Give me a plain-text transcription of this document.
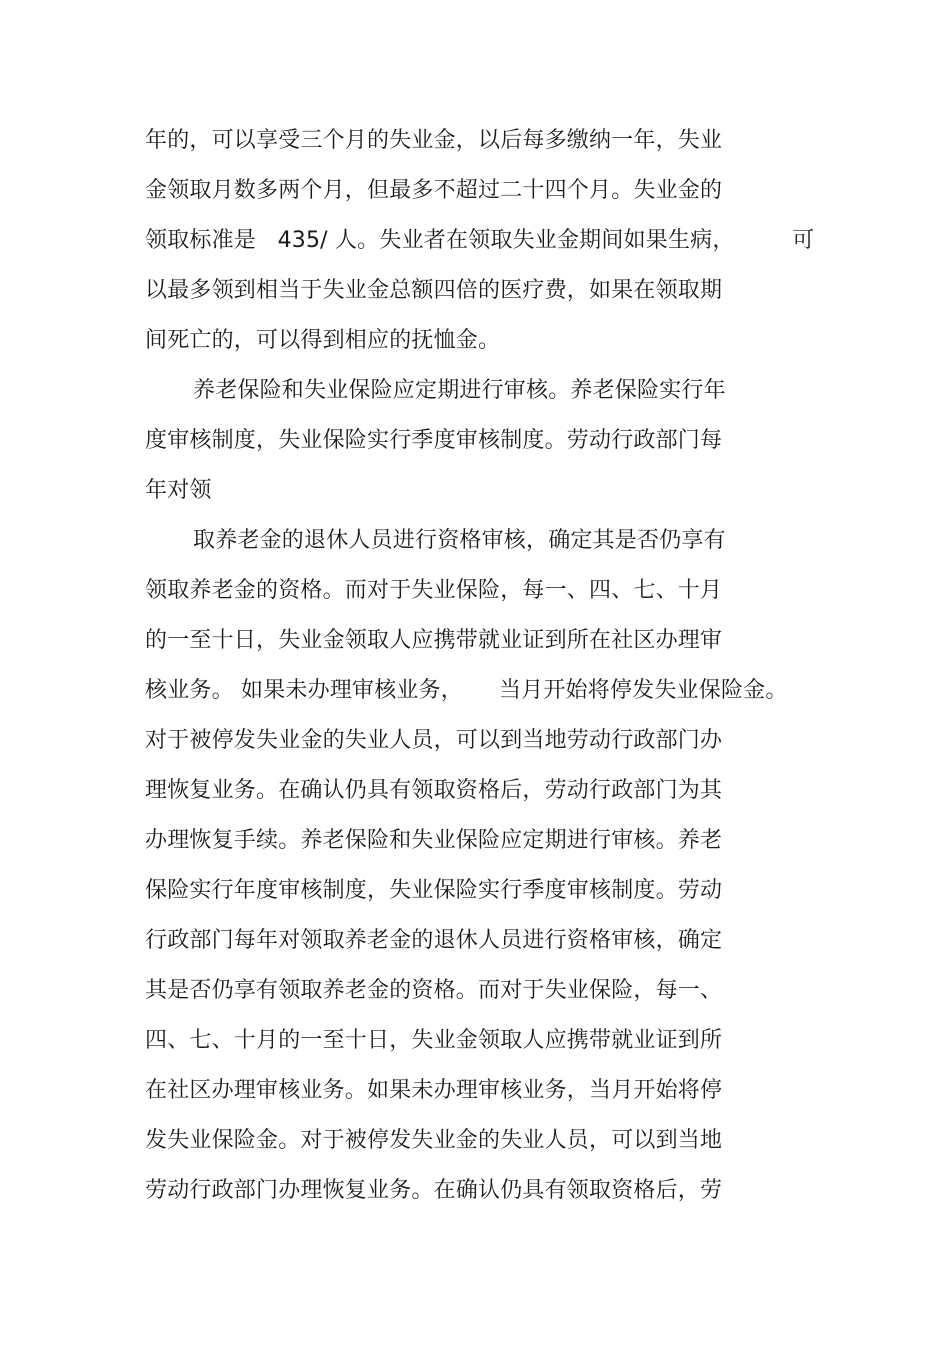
年的，可以享受三个月的失业金，以后每多缴纳一年，失业
金领取月数多两个月，但最多不超过二十四个月。失业金的
领取标准是   435/ 人。失业者在领取失业金期间如果生病，        可
以最多领到相当于失业金总额四倍的医疗费，如果在领取期
间死亡的，可以得到相应的抚恤金。
养老保险和失业保险应定期进行审核。养老保险实行年
度审核制度，失业保险实行季度审核制度。劳动行政部门每
年对领
取养老金的退休人员进行资格审核，确定其是否仍享有
领取养老金的资格。而对于失业保险，每一、四、七、十月
的一至十日，失业金领取人应携带就业证到所在社区办理审
核业务。 如果未办理审核业务，     当月开始将停发失业保险金。
对于被停发失业金的失业人员，可以到当地劳动行政部门办
理恢复业务。在确认仍具有领取资格后，劳动行政部门为其
办理恢复手续。养老保险和失业保险应定期进行审核。养老
保险实行年度审核制度，失业保险实行季度审核制度。劳动
行政部门每年对领取养老金的退休人员进行资格审核，确定
其是否仍享有领取养老金的资格。而对于失业保险，每一、
四、七、十月的一至十日，失业金领取人应携带就业证到所
在社区办理审核业务。如果未办理审核业务，当月开始将停
发失业保险金。对于被停发失业金的失业人员，可以到当地
劳动行政部门办理恢复业务。在确认仍具有领取资格后，劳
